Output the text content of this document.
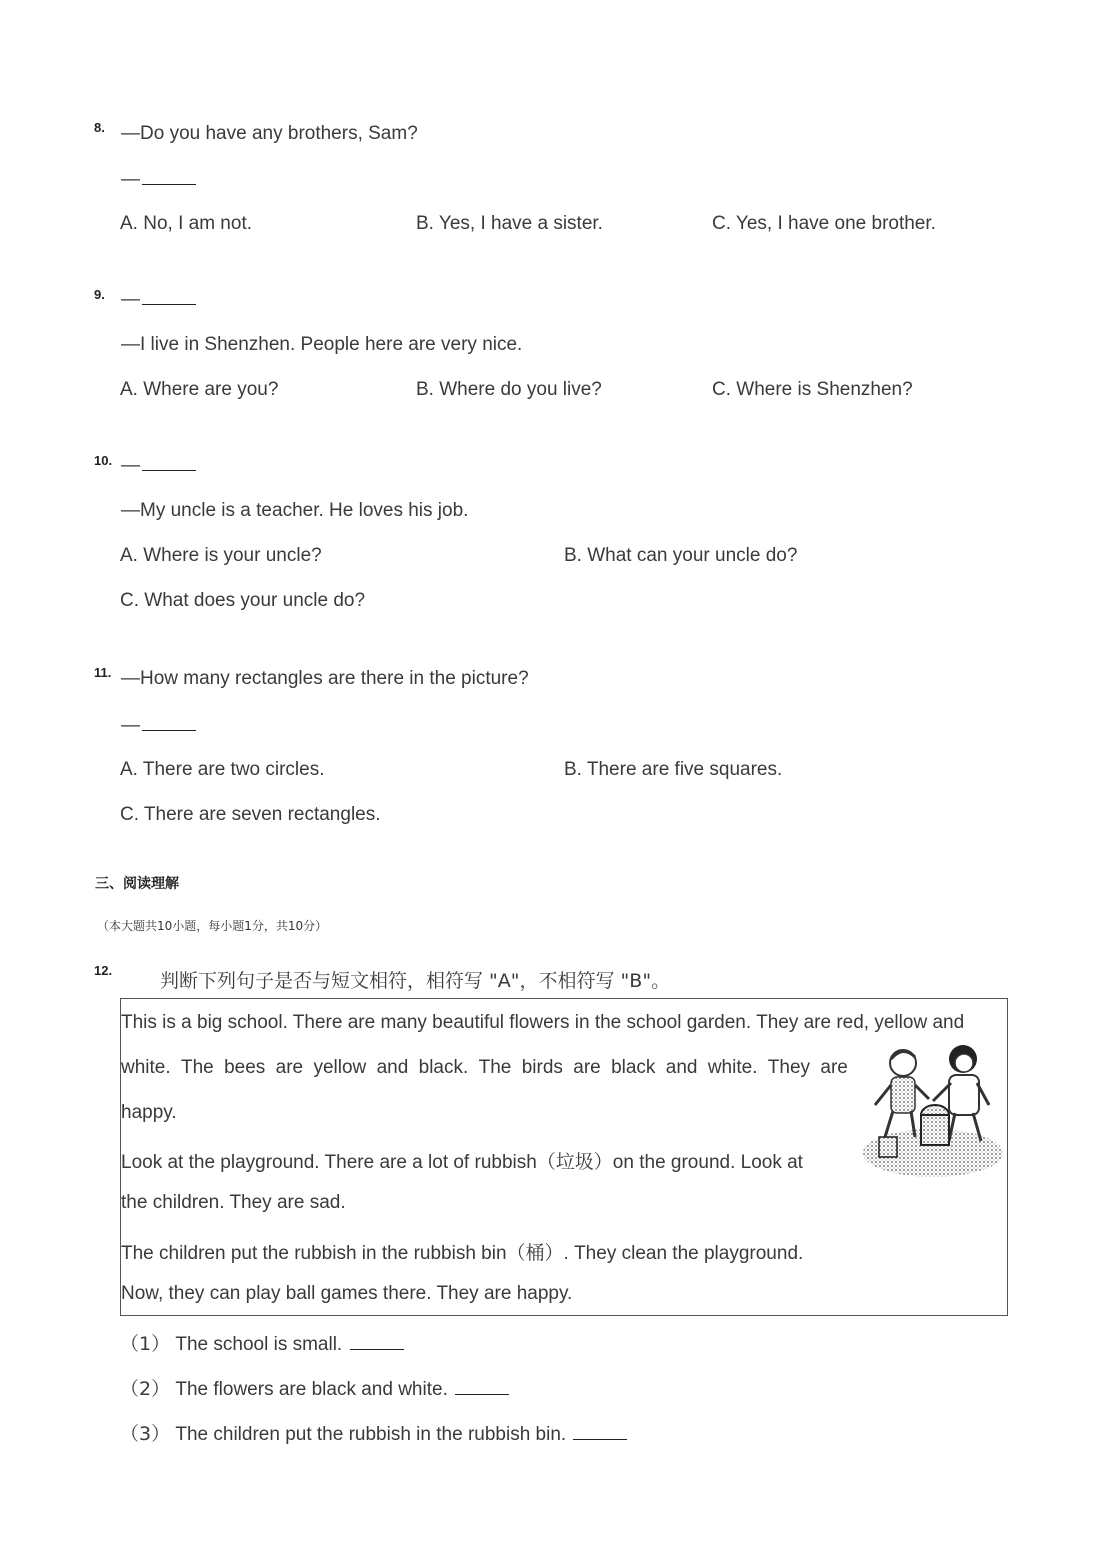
8. —Do you have any brothers, Sam?
—
A. No, I am not.	B. Yes, I have a sister.	C. Yes, I have one brother.
9. —
—I live in Shenzhen. People here are very nice.
A. Where are you?	B. Where do you live?	C. Where is Shenzhen?
10. —
—My uncle is a teacher. He loves his job.
A. Where is your uncle?	B. What can your uncle do?
C. What does your uncle do?
11. —How many rectangles are there in the picture?
—
A. There are two circles.	B. There are five squares.
C. There are seven rectangles.
三、阅读理解
（本大题共10小题，每小题1分，共10分）
12.	判断下列句子是否与短文相符，相符写 "A"，不相符写 "B"。
This is a big school. There are many beautiful flowers in the school garden. They are red, yellow and
white. The bees are yellow and black. The birds are black and white. They are
happy.
Look at the playground. There are a lot of rubbish（垃圾）on the ground. Look at
the children. They are sad.
The children put the rubbish in the rubbish bin（桶）. They clean the playground.
Now, they can play ball games there. They are happy.
（1） The school is small.
（2） The flowers are black and white.
（3） The children put the rubbish in the rubbish bin.
